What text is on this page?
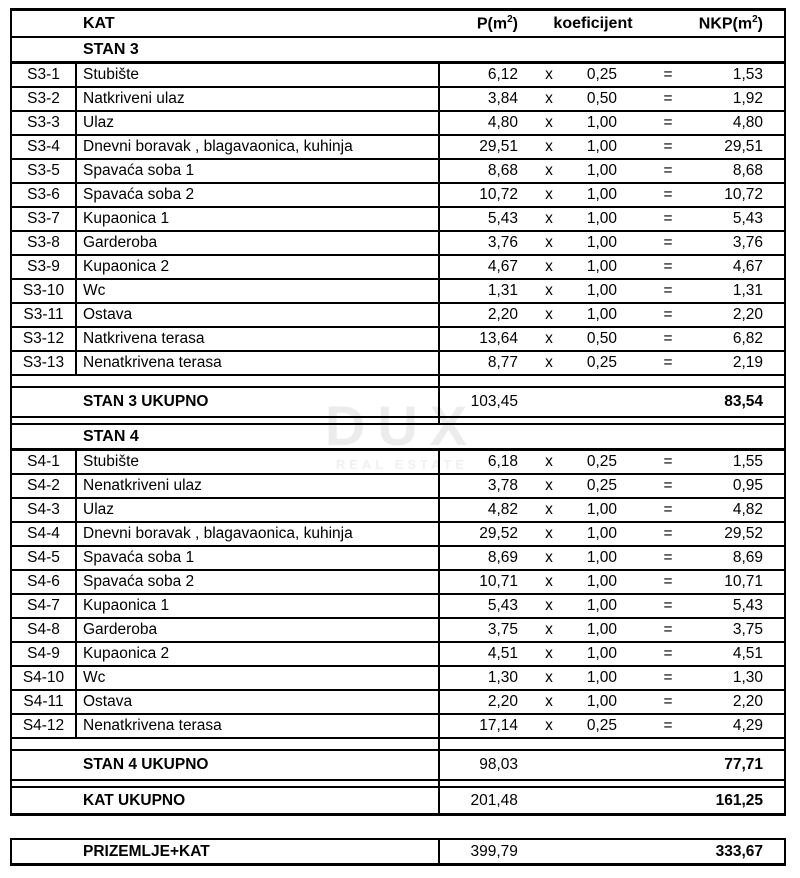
KAT	$P(m^2)$	koeficijent	$NKP(m^2)$
STAN 3
S3-1 Stubište	6,12	x	0,25	=	1,53
S3-2 Natkriveni ulaz	3,84	x	0,50	=	1,92
S3-3 Ulaz	4,80	x	1,00	=	4,80
S3-4 Dnevni boravak , blagavaonica, kuhinja	29,51	x	1,00	=	29,51
S3-5 Spavaća soba 1	8,68	x	1,00	=	8,68
S3-6 Spavaća soba 2	10,72	x	1,00	=	10,72
S3-7 Kupaonica 1	5,43	x	1,00	=	5,43
S3-8 Garderoba	3,76	x	1,00	=	3,76
S3-9 Kupaonica 2	4,67	x	1,00	=	4,67
S3-10 Wc	1,31	x	1,00	=	1,31
S3-11 Ostava	2,20	x	1,00	=	2,20
S3-12 Natkrivena terasa	13,64	x	0,50	=	6,82
S3-13 Nenatkrivena terasa	8,77	x	0,25	=	2,19
STAN 3 UKUPNO	103,45	83,54
STAN 4
S4-1 Stubište	6,18	x	0,25	=	1,55
S4-2 Nenatkriveni ulaz	3,78	x	0,25	=	0,95
S4-3 Ulaz	4,82	x	1,00	=	4,82
S4-4 Dnevni boravak , blagavaonica, kuhinja	29,52	x	1,00	=	29,52
S4-5 Spavaća soba 1	8,69	x	1,00	=	8,69
S4-6 Spavaća soba 2	10,71	x	1,00	=	10,71
S4-7 Kupaonica 1	5,43	x	1,00	=	5,43
S4-8 Garderoba	3,75	x	1,00	=	3,75
S4-9 Kupaonica 2	4,51	x	1,00	=	4,51
S4-10 Wc	1,30	x	1,00	=	1,30
S4-11 Ostava	2,20	x	1,00	=	2,20
S4-12 Nenatkrivena terasa	17,14	x	0,25	=	4,29
STAN 4 UKUPNO	98,03	77,71
KAT UKUPNO	201,48	161,25
PRIZEMLJE+KAT	399,79	333,67
DUX
REAL ESTATE
